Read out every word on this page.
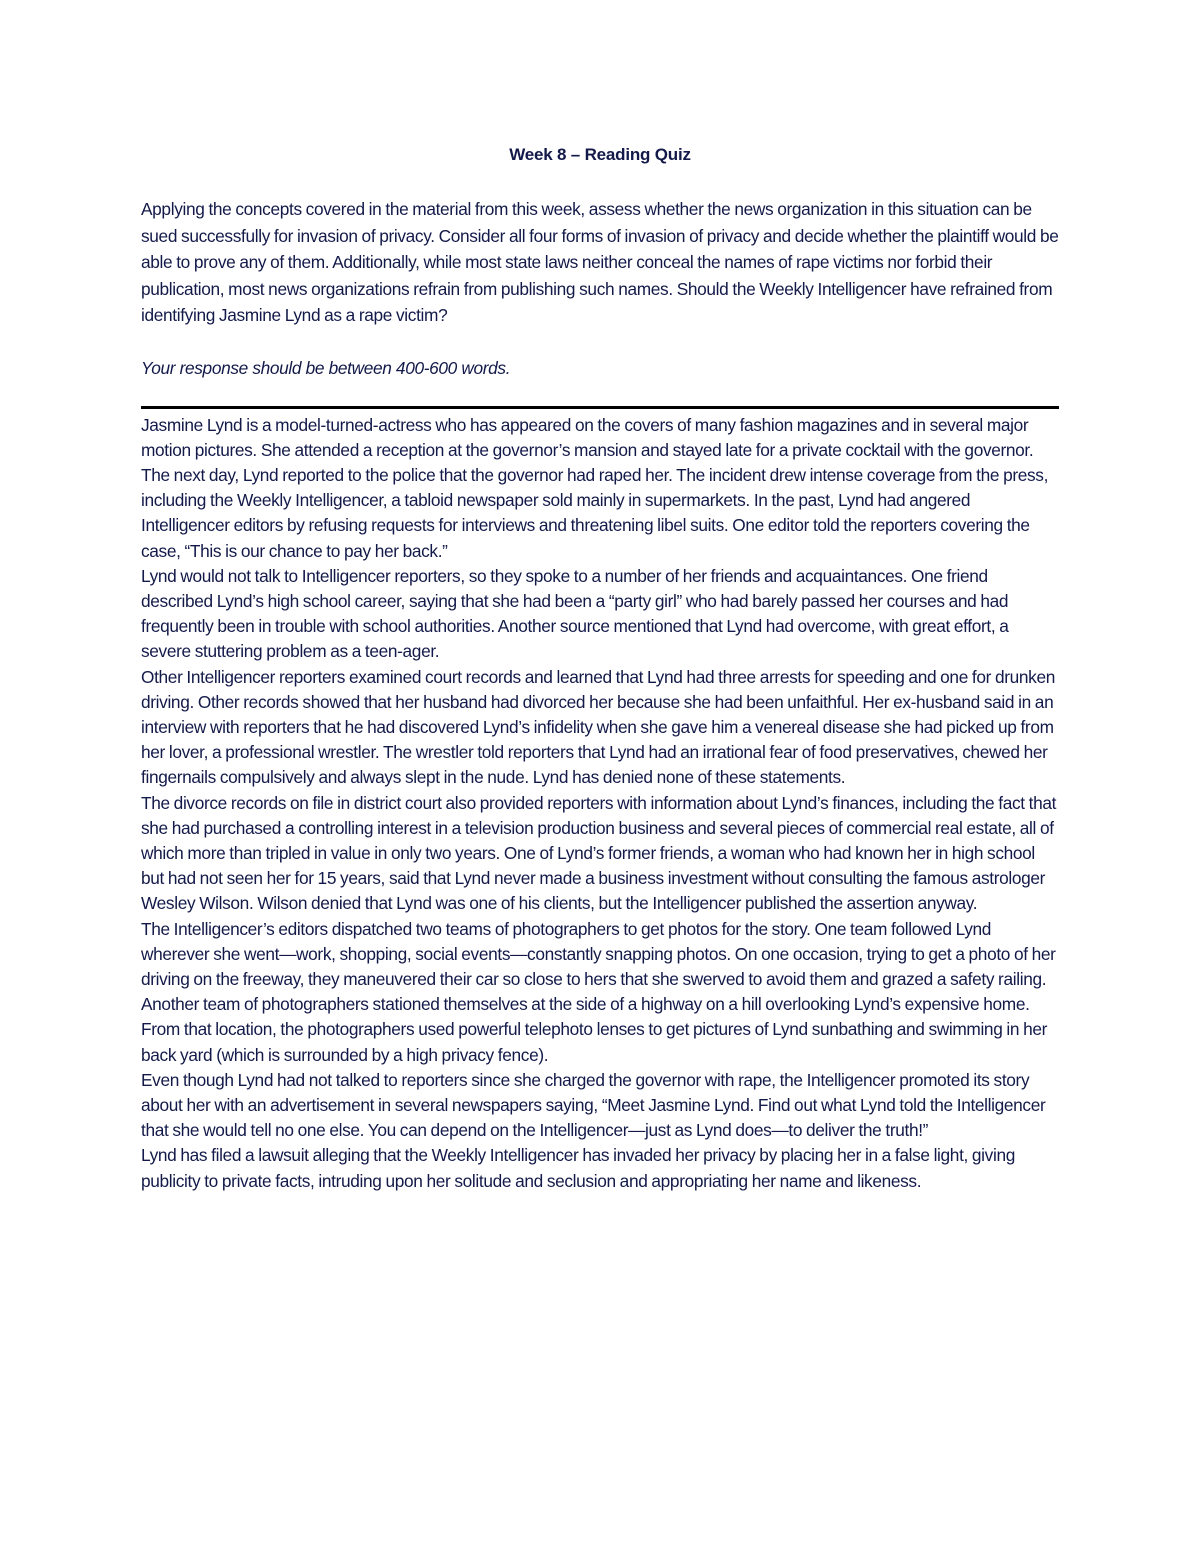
Week 8 – Reading Quiz

Applying the concepts covered in the material from this week, assess whether the news organization in this situation can be sued successfully for invasion of privacy. Consider all four forms of invasion of privacy and decide whether the plaintiff would be able to prove any of them. Additionally, while most state laws neither conceal the names of rape victims nor forbid their publication, most news organizations refrain from publishing such names. Should the Weekly Intelligencer have refrained from identifying Jasmine Lynd as a rape victim?

Your response should be between 400-600 words.

Jasmine Lynd is a model-turned-actress who has appeared on the covers of many fashion magazines and in several major motion pictures. She attended a reception at the governor’s mansion and stayed late for a private cocktail with the governor. The next day, Lynd reported to the police that the governor had raped her. The incident drew intense coverage from the press, including the Weekly Intelligencer, a tabloid newspaper sold mainly in supermarkets. In the past, Lynd had angered Intelligencer editors by refusing requests for interviews and threatening libel suits. One editor told the reporters covering the case, “This is our chance to pay her back.”

Lynd would not talk to Intelligencer reporters, so they spoke to a number of her friends and acquaintances. One friend described Lynd’s high school career, saying that she had been a “party girl” who had barely passed her courses and had frequently been in trouble with school authorities. Another source mentioned that Lynd had overcome, with great effort, a severe stuttering problem as a teen-ager.

Other Intelligencer reporters examined court records and learned that Lynd had three arrests for speeding and one for drunken driving. Other records showed that her husband had divorced her because she had been unfaithful. Her ex-husband said in an interview with reporters that he had discovered Lynd’s infidelity when she gave him a venereal disease she had picked up from her lover, a professional wrestler. The wrestler told reporters that Lynd had an irrational fear of food preservatives, chewed her fingernails compulsively and always slept in the nude. Lynd has denied none of these statements.

The divorce records on file in district court also provided reporters with information about Lynd’s finances, including the fact that she had purchased a controlling interest in a television production business and several pieces of commercial real estate, all of which more than tripled in value in only two years. One of Lynd’s former friends, a woman who had known her in high school but had not seen her for 15 years, said that Lynd never made a business investment without consulting the famous astrologer Wesley Wilson. Wilson denied that Lynd was one of his clients, but the Intelligencer published the assertion anyway.

The Intelligencer’s editors dispatched two teams of photographers to get photos for the story. One team followed Lynd wherever she went—work, shopping, social events—constantly snapping photos. On one occasion, trying to get a photo of her driving on the freeway, they maneuvered their car so close to hers that she swerved to avoid them and grazed a safety railing. Another team of photographers stationed themselves at the side of a highway on a hill overlooking Lynd’s expensive home. From that location, the photographers used powerful telephoto lenses to get pictures of Lynd sunbathing and swimming in her back yard (which is surrounded by a high privacy fence).

Even though Lynd had not talked to reporters since she charged the governor with rape, the Intelligencer promoted its story about her with an advertisement in several newspapers saying, “Meet Jasmine Lynd. Find out what Lynd told the Intelligencer that she would tell no one else. You can depend on the Intelligencer—just as Lynd does—to deliver the truth!”

Lynd has filed a lawsuit alleging that the Weekly Intelligencer has invaded her privacy by placing her in a false light, giving publicity to private facts, intruding upon her solitude and seclusion and appropriating her name and likeness.
